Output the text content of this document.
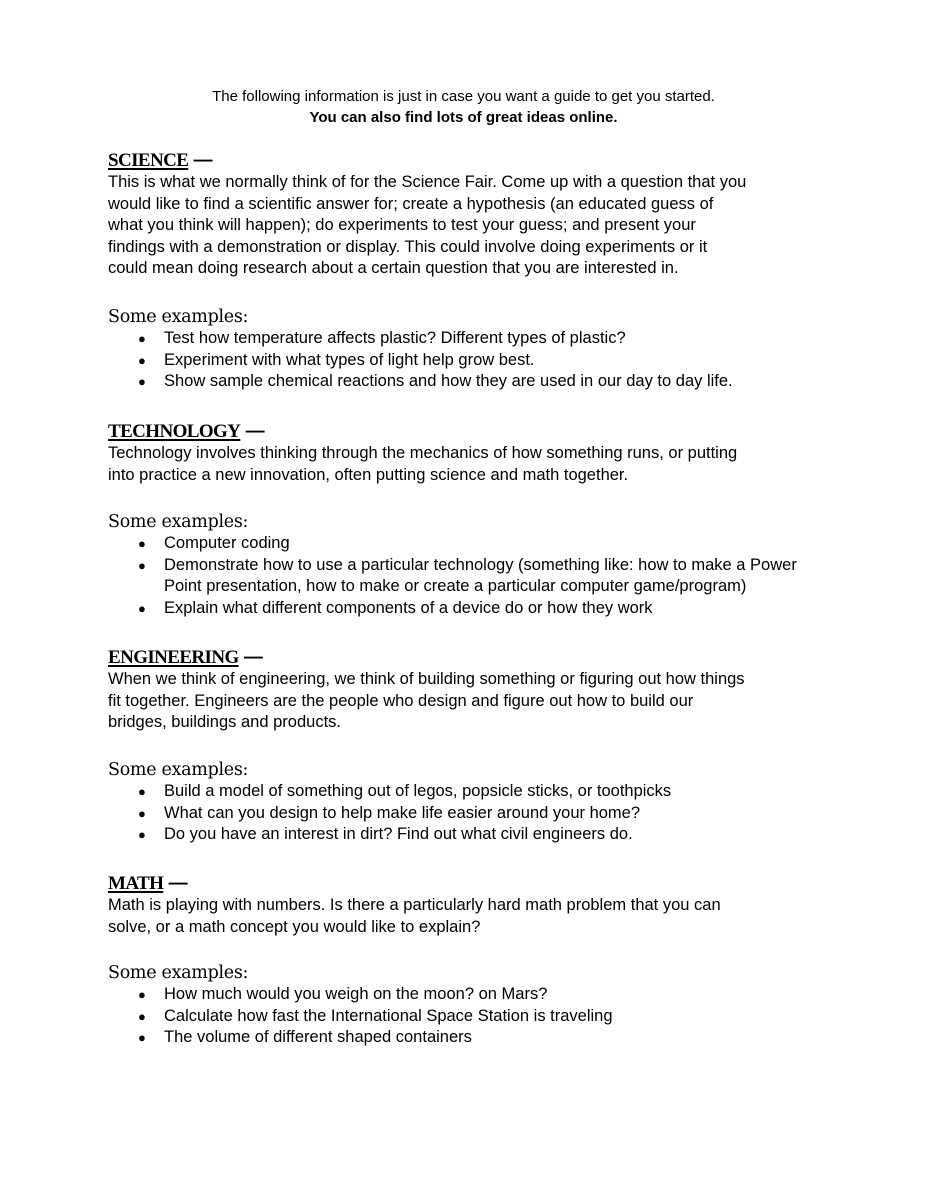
The following information is just in case you want a guide to get you started.
You can also find lots of great ideas online.
SCIENCE —

This is what we normally think of for the Science Fair. Come up with a question that you
would like to find a scientific answer for; create a hypothesis (an educated guess of
what you think will happen); do experiments to test your guess; and present your
findings with a demonstration or display. This could involve doing experiments or it
could mean doing research about a certain question that you are interested in.

Some examples:

● Test how temperature affects plastic? Different types of plastic?
● Experiment with what types of light help grow best.
● Show sample chemical reactions and how they are used in our day to day life.
TECHNOLOGY —

Technology involves thinking through the mechanics of how something runs, or putting
into practice a new innovation, often putting science and math together.

Some examples:

● Computer coding
● Demonstrate how to use a particular technology (something like: how to make a Power
Point presentation, how to make or create a particular computer game/program)
● Explain what different components of a device do or how they work
ENGINEERING —

When we think of engineering, we think of building something or figuring out how things
fit together. Engineers are the people who design and figure out how to build our
bridges, buildings and products.

Some examples:

● Build a model of something out of legos, popsicle sticks, or toothpicks
● What can you design to help make life easier around your home?
● Do you have an interest in dirt? Find out what civil engineers do.
MATH —

Math is playing with numbers. Is there a particularly hard math problem that you can
solve, or a math concept you would like to explain?

Some examples:

● How much would you weigh on the moon? on Mars?
● Calculate how fast the International Space Station is traveling
● The volume of different shaped containers
